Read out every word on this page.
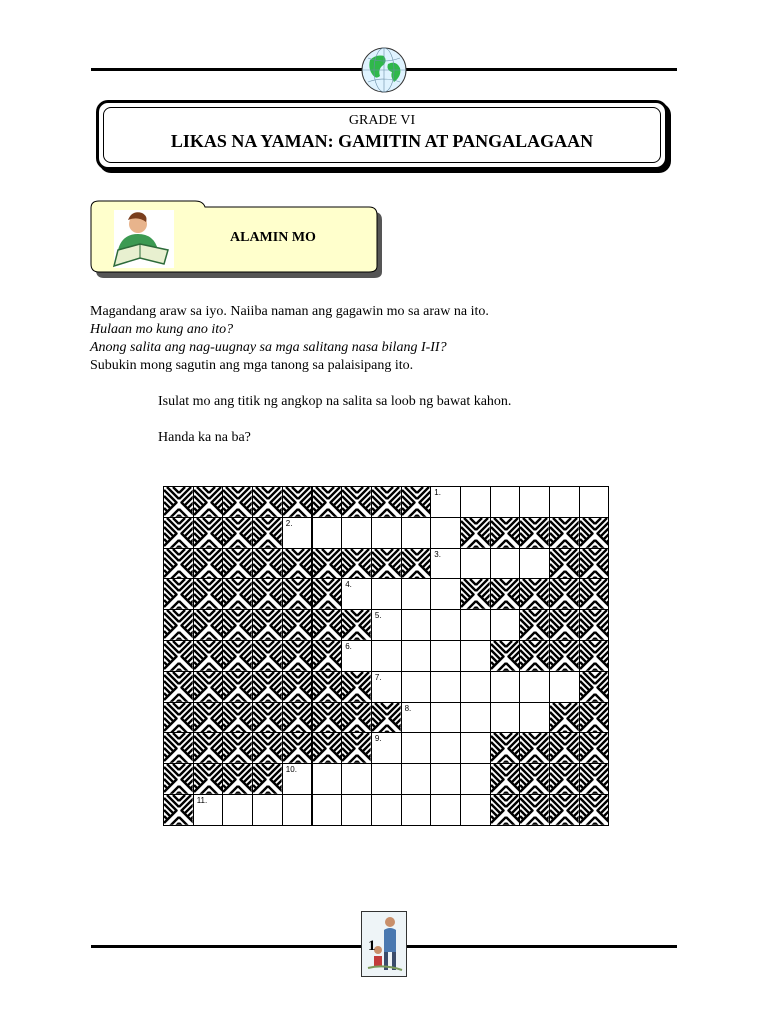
GRADE VI
LIKAS NA YAMAN: GAMITIN AT PANGALAGAAN
ALAMIN MO
Magandang araw sa iyo. Naiiba naman ang gagawin mo sa araw na ito.
Hulaan mo kung ano ito?
Anong salita ang nag-uugnay sa mga salitang nasa bilang I-II?
Subukin mong sagutin ang mga tanong sa palaisipang ito.
Isulat mo ang titik ng angkop na salita sa loob ng bawat kahon.
Handa ka na ba?
1.
2.
3.
4.
5.
6.
7.
8.
9.
10.
11.
1
